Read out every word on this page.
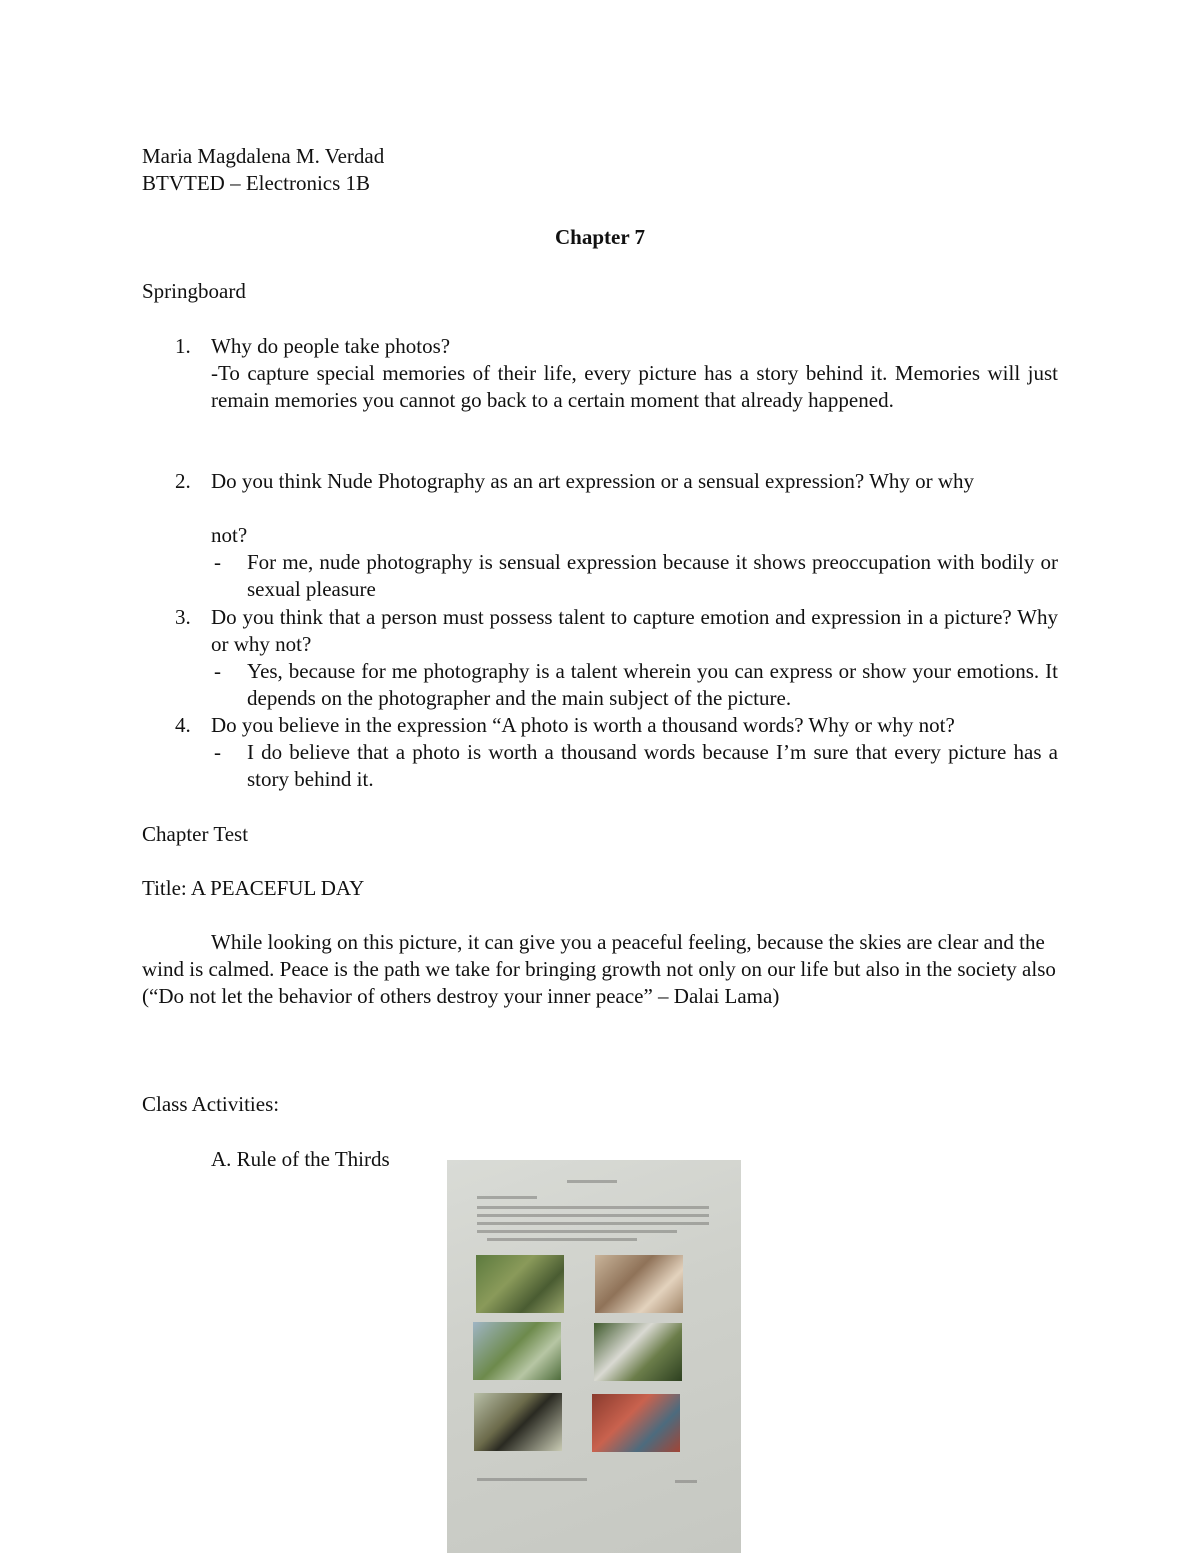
Maria Magdalena M. Verdad
BTVTED – Electronics 1B
Chapter 7
Springboard
1. Why do people take photos?
-To capture special memories of their life, every picture has a story behind it. Memories will just remain memories you cannot go back to a certain moment that already happened.
2. Do you think Nude Photography as an art expression or a sensual expression? Why or why
not?
- For me, nude photography is sensual expression because it shows preoccupation with bodily or sexual pleasure
3. Do you think that a person must possess talent to capture emotion and expression in a picture? Why or why not?
- Yes, because for me photography is a talent wherein you can express or show your emotions. It depends on the photographer and the main subject of the picture.
4. Do you believe in the expression “A photo is worth a thousand words? Why or why not?
- I do believe that a photo is worth a thousand words because I’m sure that every picture has a story behind it.
Chapter Test
Title: A PEACEFUL DAY
While looking on this picture, it can give you a peaceful feeling, because the skies are clear and the wind is calmed. Peace is the path we take for bringing growth not only on our life but also in the society also (“Do not let the behavior of others destroy your inner peace” – Dalai Lama)
Class Activities:
A. Rule of the Thirds
